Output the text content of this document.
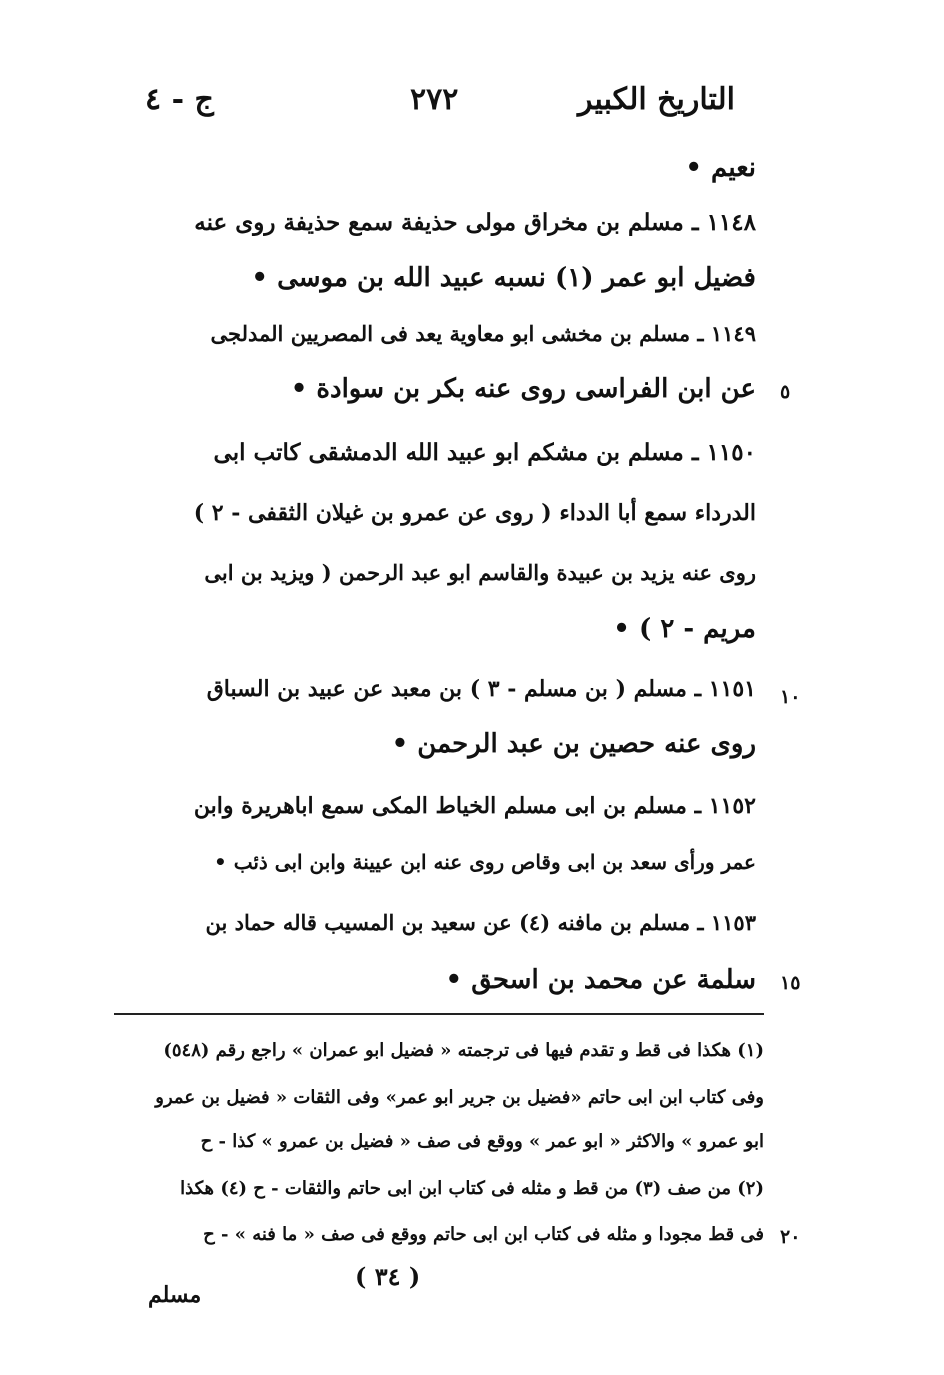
التاريخ الكبير
٢٧٢
ج - ٤
نعيم •
١١٤٨ ـ مسلم بن مخراق مولى حذيفة سمع حذيفة روى عنه
فضيل ابو عمر (١) نسبه عبيد الله بن موسى •
١١٤٩ ـ مسلم بن مخشى ابو معاوية يعد فى المصريين المدلجى
عن ابن الفراسى روى عنه بكر بن سوادة •
١١٥٠ ـ مسلم بن مشكم ابو عبيد الله الدمشقى كاتب ابى
الدرداء سمع أبا الدداء ( روى عن عمرو بن غيلان الثقفى - ٢ )
روى عنه يزيد بن عبيدة والقاسم ابو عبد الرحمن ( ويزيد بن ابى
مريم - ٢ ) •
١١٥١ ـ مسلم ( بن مسلم - ٣ ) بن معبد عن عبيد بن السباق
روى عنه حصين بن عبد الرحمن •
١١٥٢ ـ مسلم بن ابى مسلم الخياط المكى سمع اباهريرة وابن
عمر ورأى سعد بن ابى وقاص روى عنه ابن عيينة وابن ابى ذئب •
١١٥٣ ـ مسلم بن مافنه (٤) عن سعيد بن المسيب قاله حماد بن
سلمة عن محمد بن اسحق •
٥
١٠
١٥
٢٠
(١) هكذا فى قط و تقدم فيها فى ترجمته « فضيل ابو عمران » راجع رقم (٥٤٨)
وفى كتاب ابن ابى حاتم «فضيل بن جرير ابو عمر» وفى الثقات « فضيل بن عمرو
ابو عمرو » والاكثر « ابو عمر » ووقع فى صف « فضيل بن عمرو » كذا - ح
(٢) من صف (٣) من قط و مثله فى كتاب ابن ابى حاتم والثقات - ح (٤) هكذا
فى قط مجودا و مثله فى كتاب ابن ابى حاتم ووقع فى صف « ما فنه » - ح
( ٣٤ )
مسلم
